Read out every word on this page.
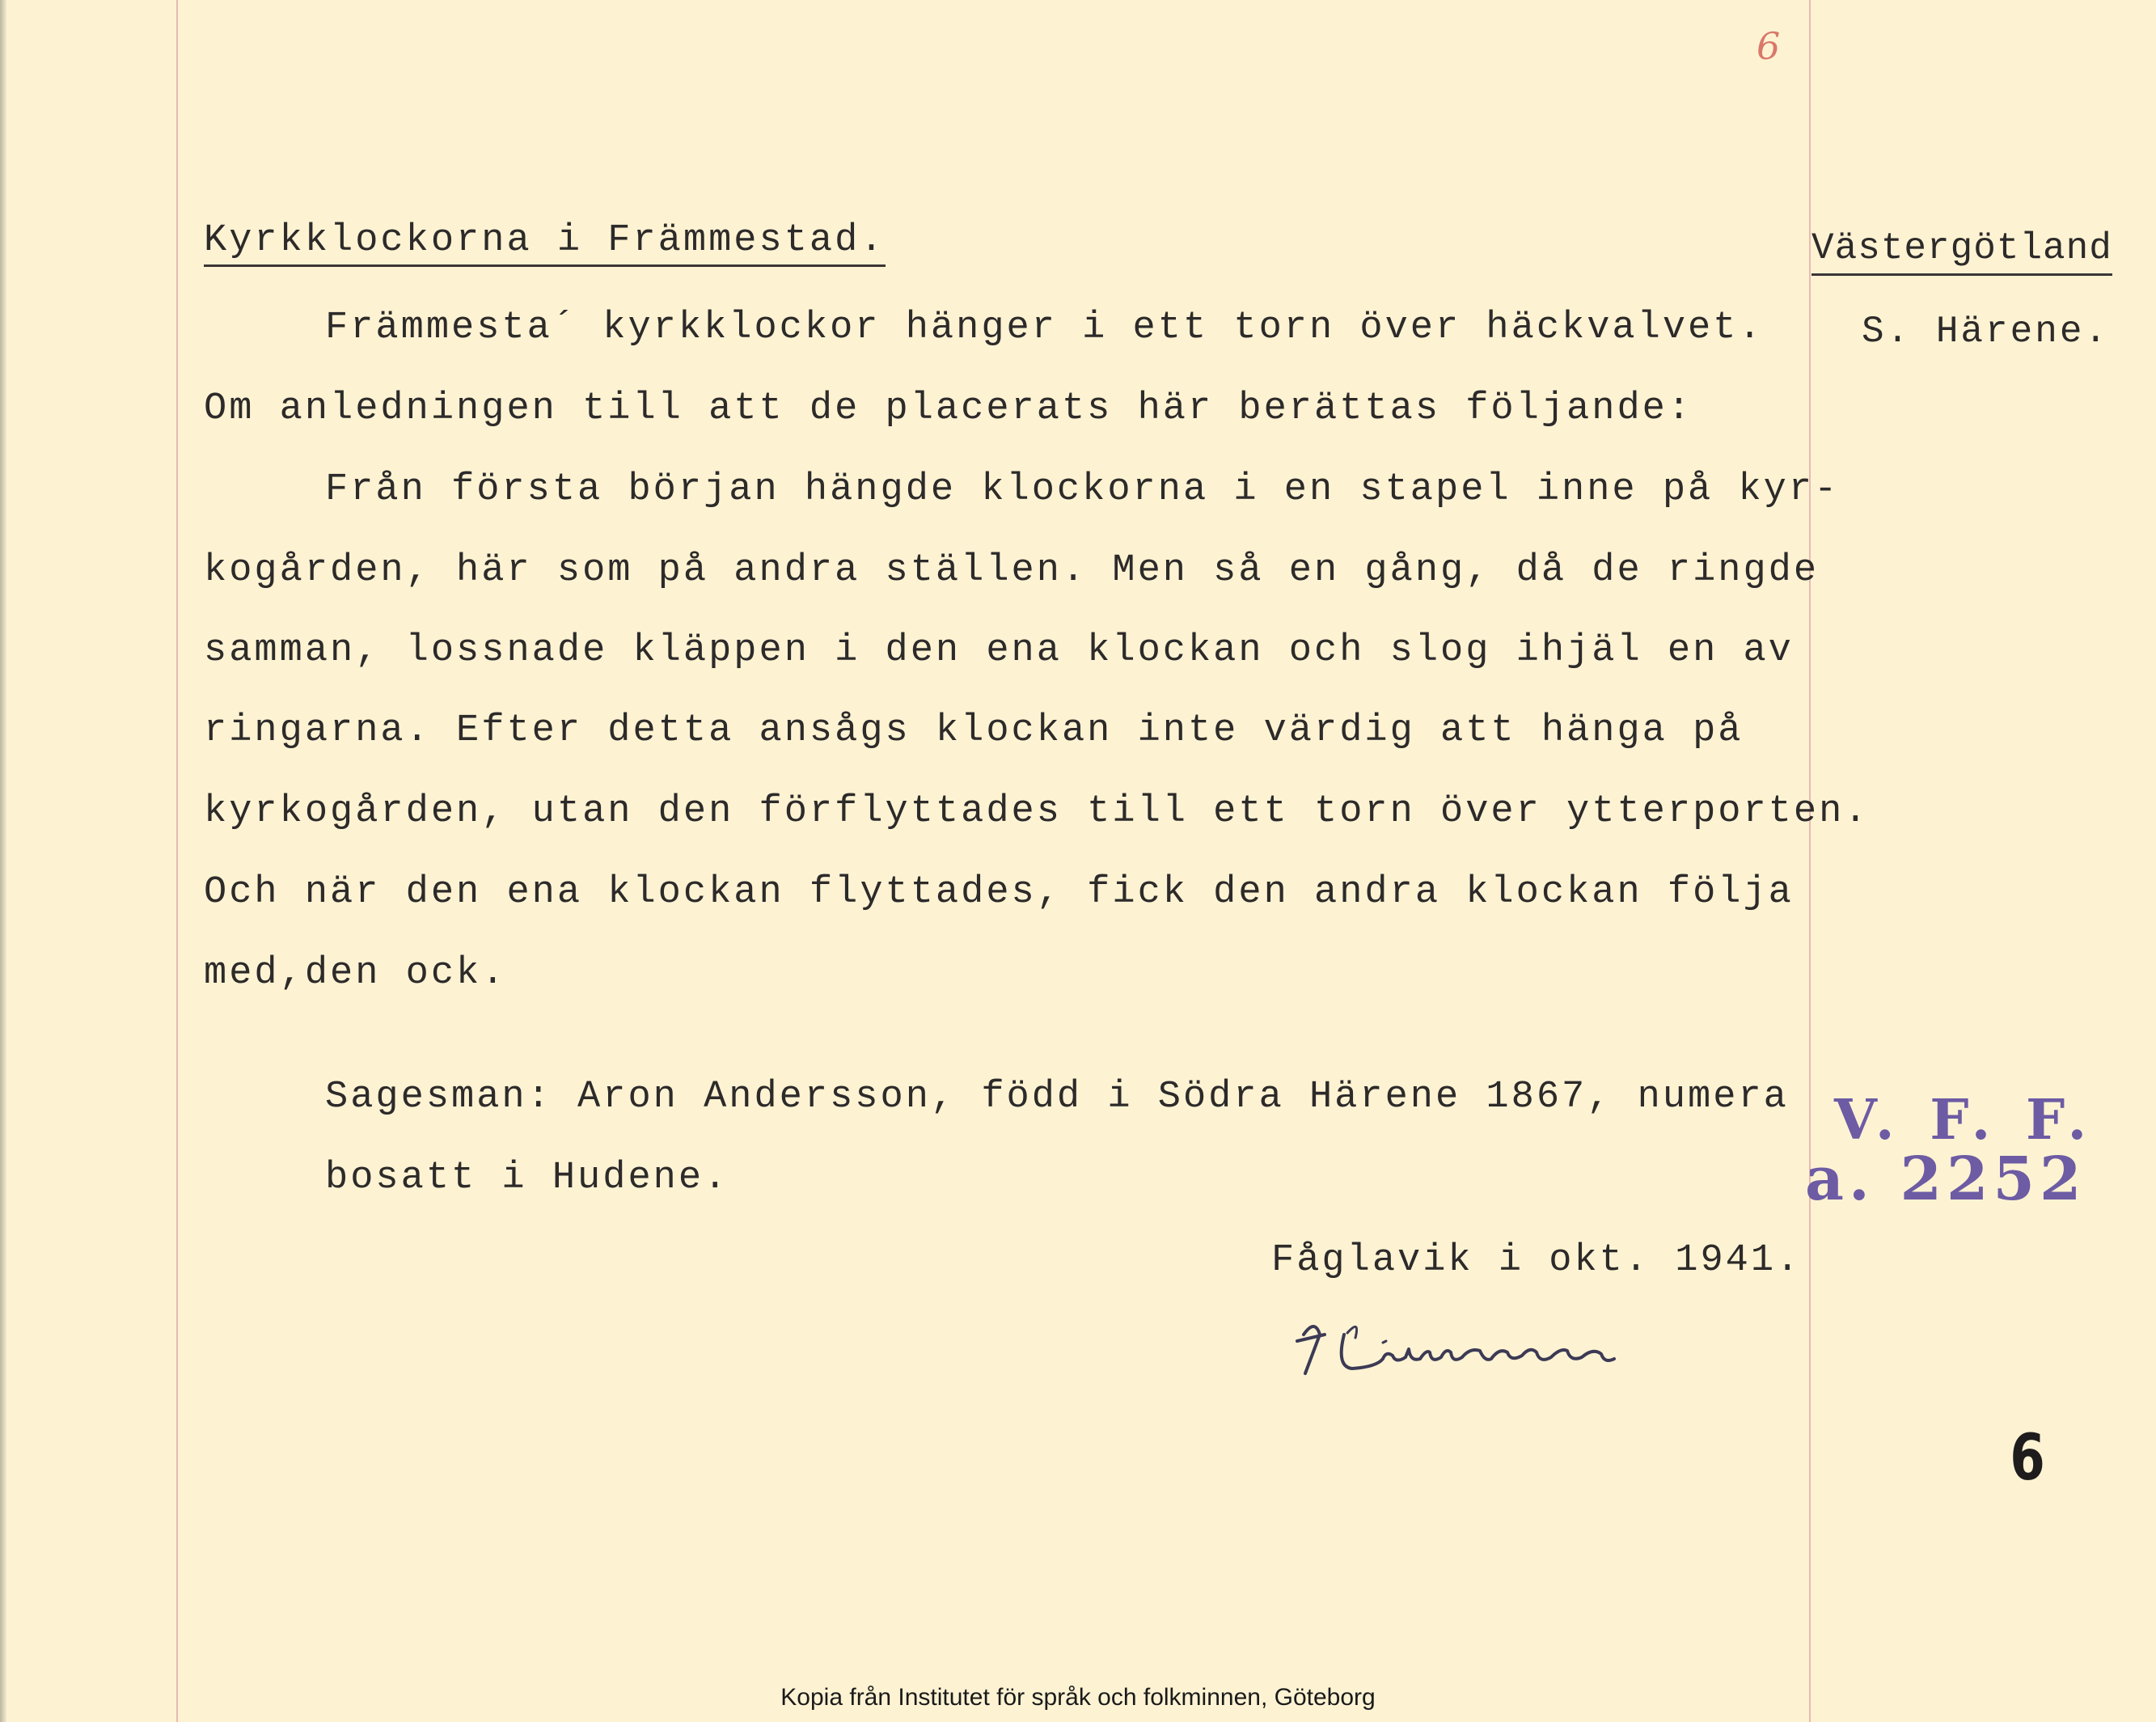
6
Kyrkklockorna i Främmestad.	Västergötland
S. Härene.
Främmesta´ kyrkklockor hänger i ett torn över häckvalvet.
Om anledningen till att de placerats här berättas följande:
Från första början hängde klockorna i en stapel inne på kyr-
kogården, här som på andra ställen. Men så en gång, då de ringde
samman, lossnade kläppen i den ena klockan och slog ihjäl en av
ringarna. Efter detta ansågs klockan inte värdig att hänga på
kyrkogården, utan den förflyttades till ett torn över ytterporten.
Och när den ena klockan flyttades, fick den andra klockan följa
med,den ock.
Sagesman: Aron Andersson, född i Södra Härene 1867, numera
bosatt i Hudene.
Fåglavik i okt. 1941.
V. F. F.
a. 2252
6
Kopia från Institutet för språk och folkminnen, Göteborg
